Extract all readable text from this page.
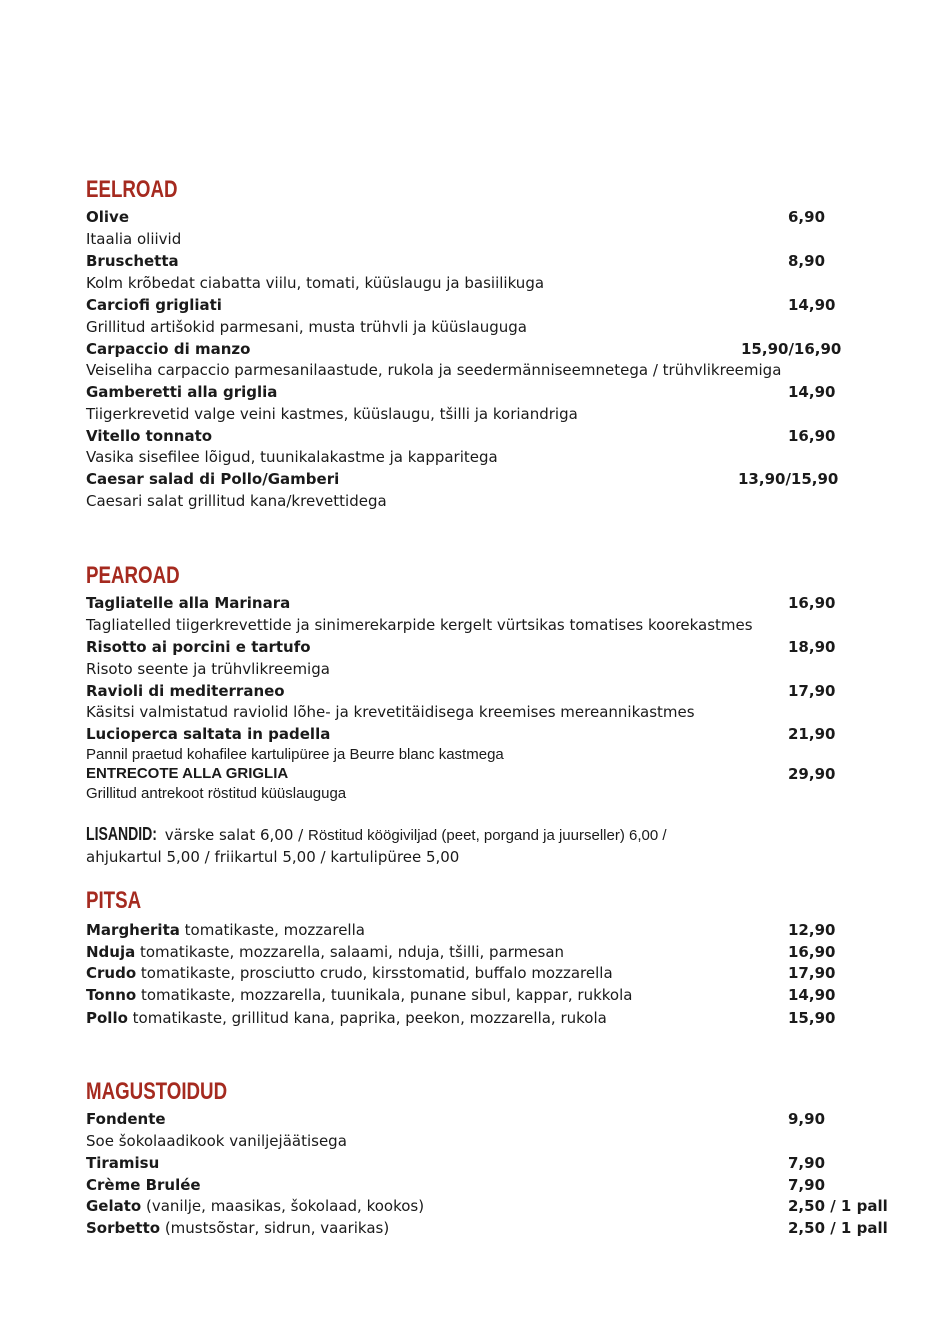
EELROAD

Olive	6,90

Itaalia oliivid

Bruschetta	8,90

Kolm krõbedat ciabatta viilu, tomati, küüslaugu ja basiilikuga

Carciofi grigliati	14,90

Grillitud artišokid parmesani, musta trühvli ja küüslauguga

Carpaccio di manzo	15,90/16,90

Veiseliha carpaccio parmesanilaastude, rukola ja seedermänniseemnetega / trühvlikreemiga

Gamberetti alla griglia	14,90

Tiigerkrevetid valge veini kastmes, küüslaugu, tšilli ja koriandriga

Vitello tonnato	16,90

Vasika sisefilee lõigud, tuunikalakastme ja kapparitega

Caesar salad di Pollo/Gamberi	13,90/15,90

Caesari salat grillitud kana/krevettidega

PEAROAD

Tagliatelle alla Marinara	16,90

Tagliatelled tiigerkrevettide ja sinimerekarpide kergelt vürtsikas tomatises koorekastmes

Risotto ai porcini e tartufo	18,90

Risoto seente ja trühvlikreemiga

Ravioli di mediterraneo	17,90

Käsitsi valmistatud raviolid lõhe- ja krevetitäidisega kreemises mereannikastmes

Lucioperca saltata in padella	21,90

Pannil praetud kohafilee kartulipüree ja Beurre blanc kastmega

ENTRECOTE ALLA GRIGLIA	29,90

Grillitud antrekoot röstitud küüslauguga

LISANDID: värske salat 6,00 / Röstitud köögiviljad (peet, porgand ja juurseller) 6,00 /

ahjukartul 5,00 / friikartul 5,00 / kartulipüree 5,00

PITSA

Margherita tomatikaste, mozzarella	12,90

Nduja tomatikaste, mozzarella, salaami, nduja, tšilli, parmesan	16,90

Crudo tomatikaste, prosciutto crudo, kirsstomatid, buffalo mozzarella	17,90

Tonno tomatikaste, mozzarella, tuunikala, punane sibul, kappar, rukkola	14,90

Pollo tomatikaste, grillitud kana, paprika, peekon, mozzarella, rukola	15,90

MAGUSTOIDUD

Fondente	9,90

Soe šokolaadikook vaniljejäätisega

Tiramisu	7,90

Crème Brulée	7,90

Gelato (vanilje, maasikas, šokolaad, kookos)	2,50 / 1 pall

Sorbetto (mustsõstar, sidrun, vaarikas)	2,50 / 1 pall
